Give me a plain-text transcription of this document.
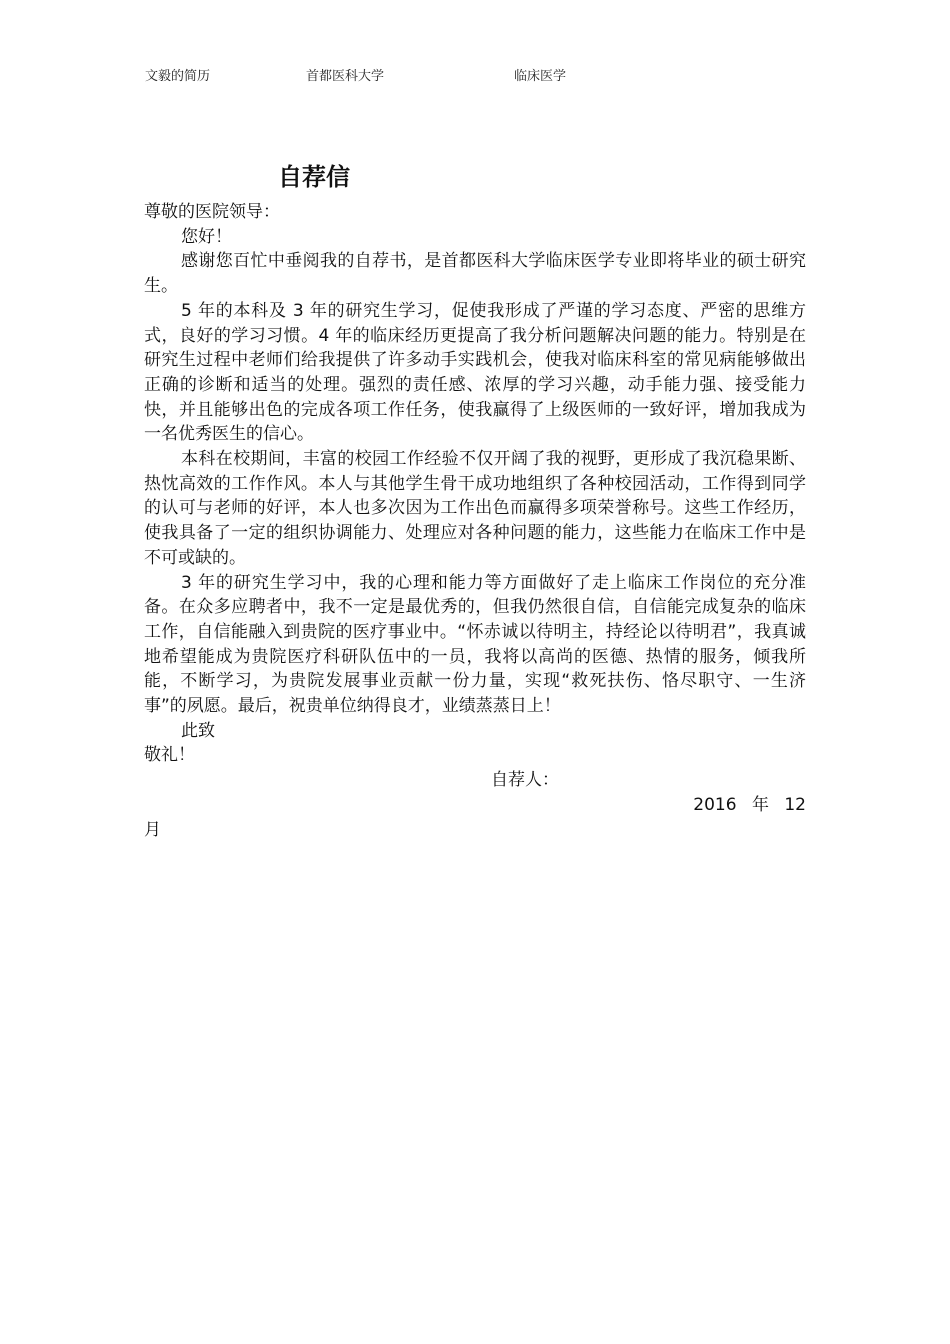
文毅的简历	首都医科大学	临床医学
自荐信

尊敬的医院领导：

您好！

感谢您百忙中垂阅我的自荐书，是首都医科大学临床医学专业即将毕业的硕士研究生。

5 年的本科及 3 年的研究生学习，促使我形成了严谨的学习态度、严密的思维方式，良好的学习习惯。4 年的临床经历更提高了我分析问题解决问题的能力。特别是在研究生过程中老师们给我提供了许多动手实践机会，使我对临床科室的常见病能够做出正确的诊断和适当的处理。强烈的责任感、浓厚的学习兴趣，动手能力强、接受能力快，并且能够出色的完成各项工作任务，使我赢得了上级医师的一致好评，增加我成为一名优秀医生的信心。

本科在校期间，丰富的校园工作经验不仅开阔了我的视野，更形成了我沉稳果断、热忱高效的工作作风。本人与其他学生骨干成功地组织了各种校园活动，工作得到同学的认可与老师的好评，本人也多次因为工作出色而赢得多项荣誉称号。这些工作经历，使我具备了一定的组织协调能力、处理应对各种问题的能力，这些能力在临床工作中是不可或缺的。

3 年的研究生学习中，我的心理和能力等方面做好了走上临床工作岗位的充分准备。在众多应聘者中，我不一定是最优秀的，但我仍然很自信，自信能完成复杂的临床工作，自信能融入到贵院的医疗事业中。“怀赤诚以待明主，持经论以待明君”，我真诚地希望能成为贵院医疗科研队伍中的一员，我将以高尚的医德、热情的服务，倾我所能，不断学习，为贵院发展事业贡献一份力量，实现“救死扶伤、恪尽职守、一生济事”的夙愿。最后，祝贵单位纳得良才，业绩蒸蒸日上！

此致

敬礼！

自荐人：

2016 年 12

月
